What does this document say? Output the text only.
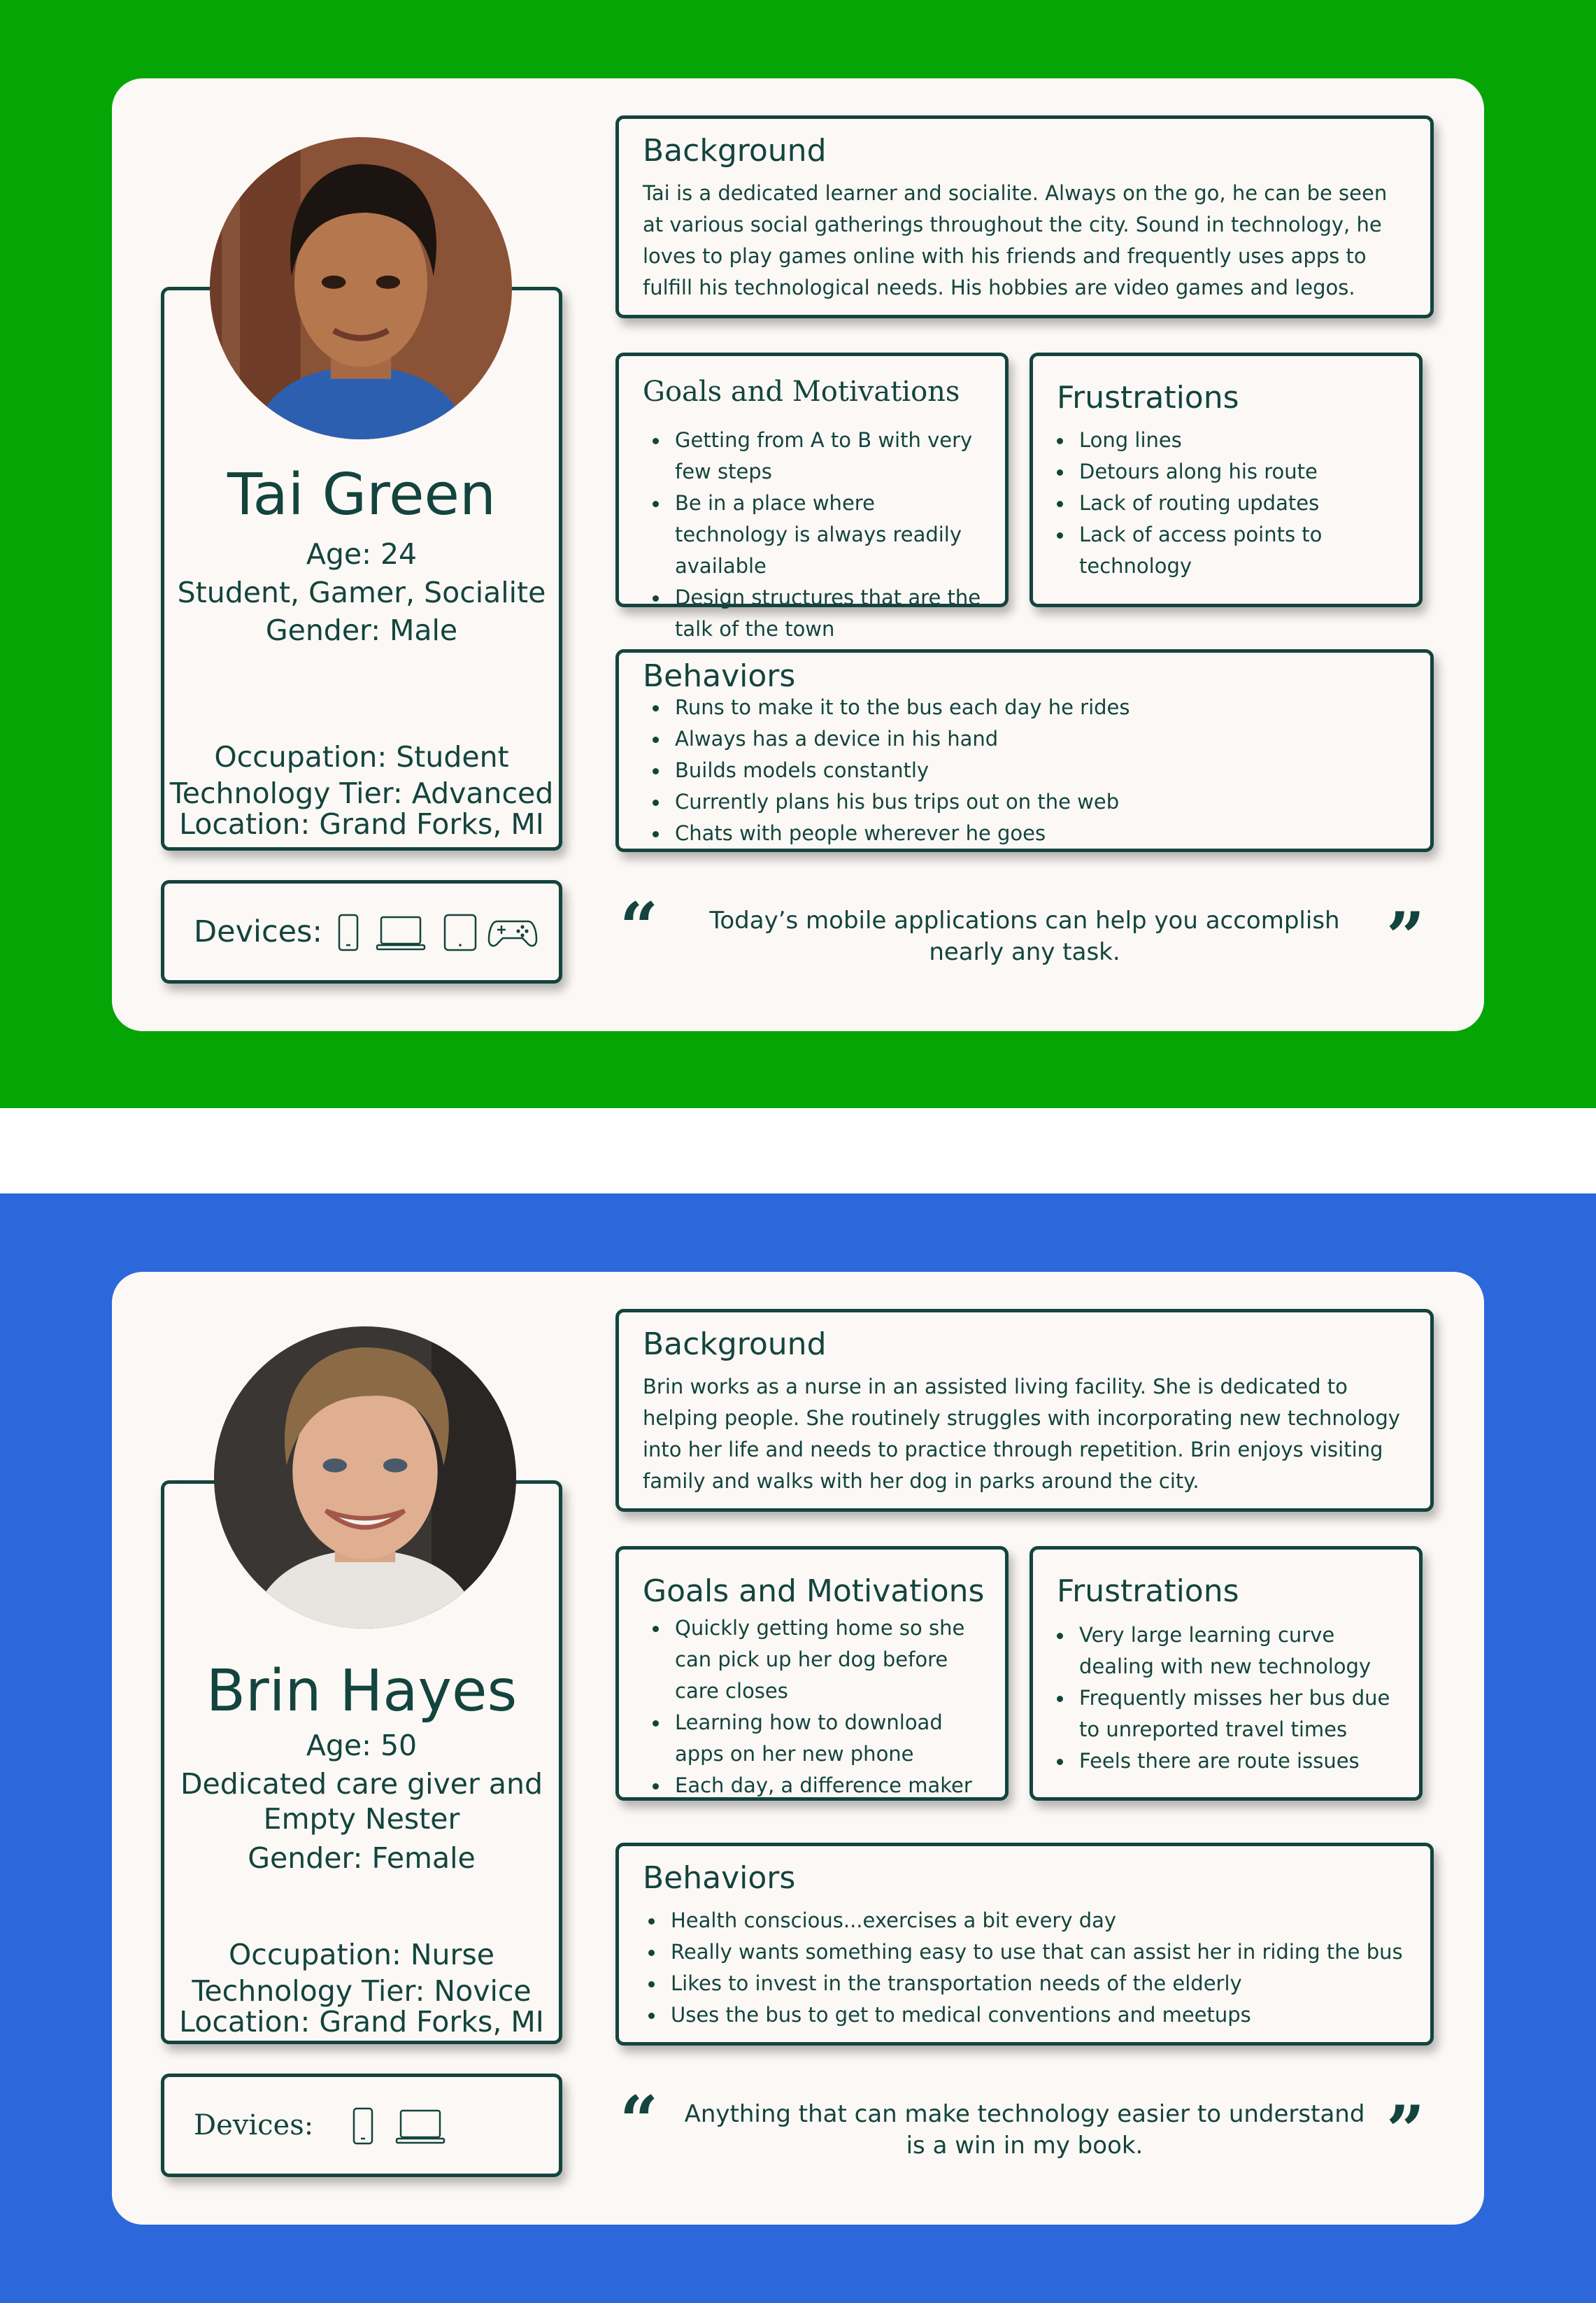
Tai Green
Age: 24
Student, Gamer, Socialite
Gender: Male
Occupation: Student
Technology Tier: Advanced
Location: Grand Forks, MI
Devices:
Background
Tai is a dedicated learner and socialite. Always on the go, he can be seen at various social gatherings throughout the city. Sound in technology, he loves to play games online with his friends and frequently uses apps to fulfill his technological needs. His hobbies are video games and legos.
Goals and Motivations
Getting from A to B with very few steps
Be in a place where technology is always readily available
Design structures that are the talk of the town
Frustrations
Long lines
Detours along his route
Lack of routing updates
Lack of access points to technology
Behaviors
Runs to make it to the bus each day he rides
Always has a device in his hand
Builds models constantly
Currently plans his bus trips out on the web
Chats with people wherever he goes
“	Today’s mobile applications can help you accomplish nearly any task.	”
Brin Hayes
Age: 50
Dedicated care giver and Empty Nester
Gender: Female
Occupation: Nurse
Technology Tier: Novice
Location: Grand Forks, MI
Devices:
Background
Brin works as a nurse in an assisted living facility. She is dedicated to helping people. She routinely struggles with incorporating new technology into her life and needs to practice through repetition. Brin enjoys visiting family and walks with her dog in parks around the city.
Goals and Motivations
Quickly getting home so she can pick up her dog before care closes
Learning how to download apps on her new phone
Each day, a difference maker
Frustrations
Very large learning curve dealing with new technology
Frequently misses her bus due to unreported travel times
Feels there are route issues
Behaviors
Health conscious...exercises a bit every day
Really wants something easy to use that can assist her in riding the bus
Likes to invest in the transportation needs of the elderly
Uses the bus to get to medical conventions and meetups
“	Anything that can make technology easier to understand is a win in my book.	”
